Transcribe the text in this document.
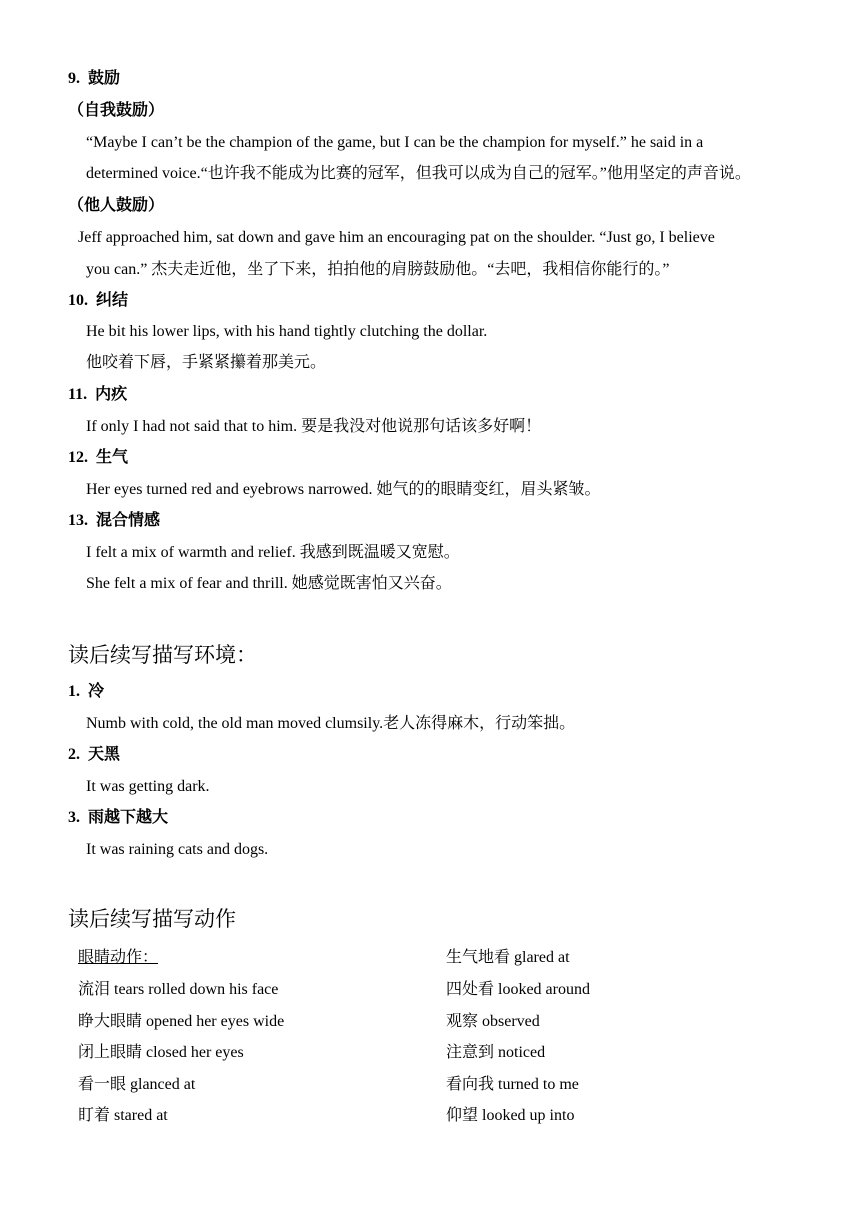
9. 鼓励
（自我鼓励）
“Maybe I can’t be the champion of the game, but I can be the champion for myself.” he said in a
determined voice.“也许我不能成为比赛的冠军，但我可以成为自己的冠军。”他用坚定的声音说。
（他人鼓励）
Jeff approached him, sat down and gave him an encouraging pat on the shoulder. “Just go, I believe
you can.” 杰夫走近他，坐了下来，拍拍他的肩膀鼓励他。“去吧，我相信你能行的。”
10. 纠结
He bit his lower lips, with his hand tightly clutching the dollar.
他咬着下唇，手紧紧攥着那美元。
11. 内疚
If only I had not said that to him. 要是我没对他说那句话该多好啊！
12. 生气
Her eyes turned red and eyebrows narrowed. 她气的的眼睛变红，眉头紧皱。
13. 混合情感
I felt a mix of warmth and relief. 我感到既温暖又宽慰。
She felt a mix of fear and thrill. 她感觉既害怕又兴奋。
读后续写描写环境：
1. 冷
Numb with cold, the old man moved clumsily.老人冻得麻木，行动笨拙。
2. 天黑
It was getting dark.
3. 雨越下越大
It was raining cats and dogs.
读后续写描写动作
眼睛动作：
流泪 tears rolled down his face
睁大眼睛 opened her eyes wide
闭上眼睛 closed her eyes
看一眼 glanced at
盯着 stared at
生气地看 glared at
四处看 looked around
观察 observed
注意到 noticed
看向我 turned to me
仰望 looked up into
